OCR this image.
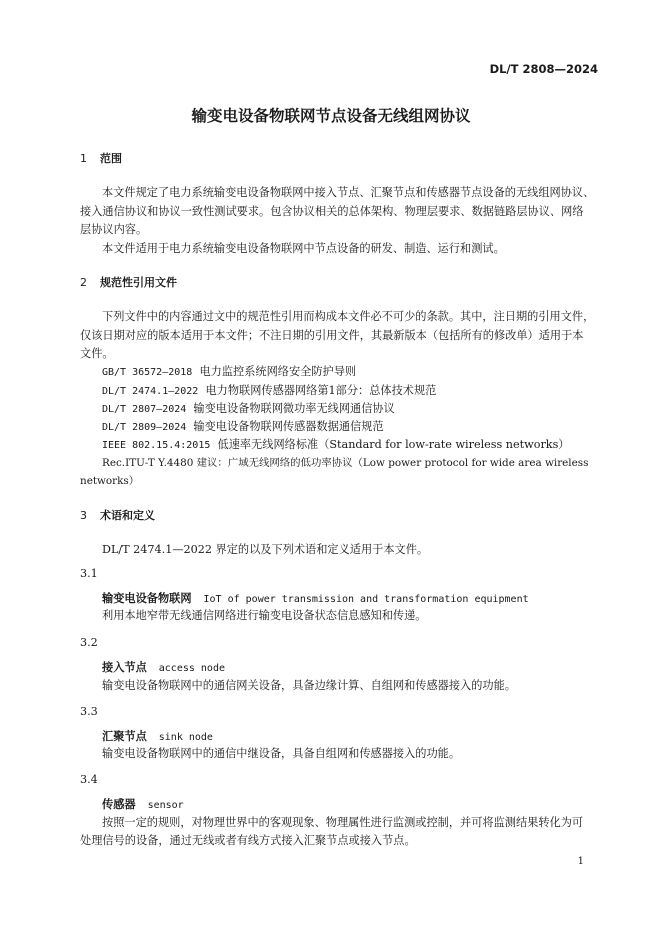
DL/T 2808—2024
输变电设备物联网节点设备无线组网协议
1 范围
本文件规定了电力系统输变电设备物联网中接入节点、汇聚节点和传感器节点设备的无线组网协议、
接入通信协议和协议一致性测试要求。包含协议相关的总体架构、物理层要求、数据链路层协议、网络
层协议内容。
本文件适用于电力系统输变电设备物联网中节点设备的研发、制造、运行和测试。
2 规范性引用文件
下列文件中的内容通过文中的规范性引用而构成本文件必不可少的条款。其中，注日期的引用文件，
仅该日期对应的版本适用于本文件；不注日期的引用文件，其最新版本（包括所有的修改单）适用于本
文件。
GB/T 36572—2018 电力监控系统网络安全防护导则
DL/T 2474.1—2022 电力物联网传感器网络第1部分：总体技术规范
DL/T 2807—2024 输变电设备物联网微功率无线网通信协议
DL/T 2809—2024 输变电设备物联网传感器数据通信规范
IEEE 802.15.4:2015 低速率无线网络标准（Standard for low-rate wireless networks）
Rec.ITU-T Y.4480 建议：广域无线网络的低功率协议（Low power protocol for wide area wireless
networks）
3 术语和定义
DL/T 2474.1—2022 界定的以及下列术语和定义适用于本文件。
3.1
输变电设备物联网 IoT of power transmission and transformation equipment
利用本地窄带无线通信网络进行输变电设备状态信息感知和传递。
3.2
接入节点 access node
输变电设备物联网中的通信网关设备，具备边缘计算、自组网和传感器接入的功能。
3.3
汇聚节点 sink node
输变电设备物联网中的通信中继设备，具备自组网和传感器接入的功能。
3.4
传感器 sensor
按照一定的规则，对物理世界中的客观现象、物理属性进行监测或控制，并可将监测结果转化为可
处理信号的设备，通过无线或者有线方式接入汇聚节点或接入节点。
1
